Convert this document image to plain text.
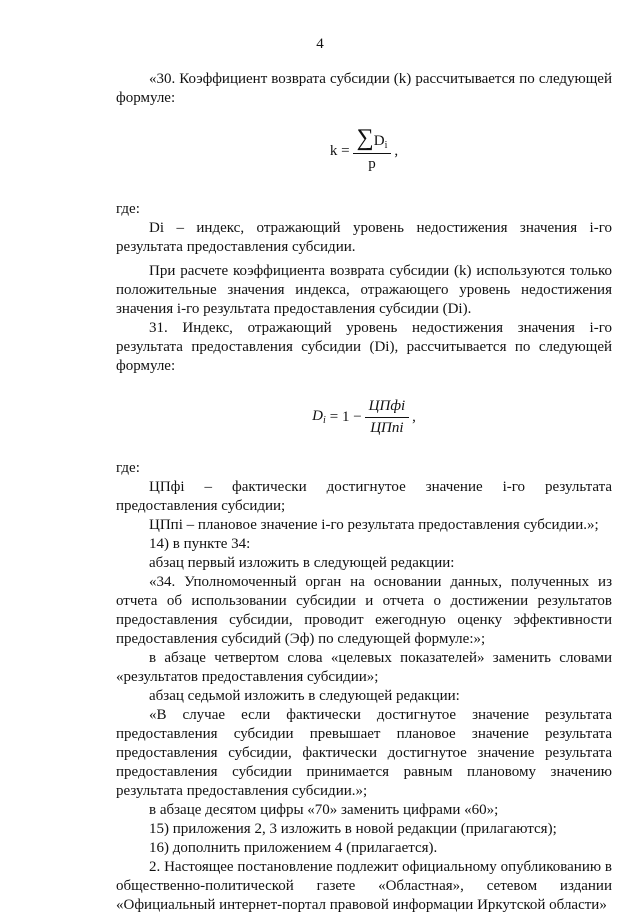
4

«30. Коэффициент возврата субсидии (k) рассчитывается по следующей формуле:

$k = \frac{\sum D_i}{p}$ ,

где:

Di – индекс, отражающий уровень недостижения значения i-го результата предоставления субсидии.

При расчете коэффициента возврата субсидии (k) используются только положительные значения индекса, отражающего уровень недостижения значения i-го результата предоставления субсидии (Di).

31. Индекс, отражающий уровень недостижения значения i-го результата предоставления субсидии (Di), рассчитывается по следующей формуле:

$D_i = 1 - \frac{\text{ЦПфi}}{\text{ЦПпi}}$ ,

где:

ЦПфi – фактически достигнутое значение i-го результата предоставления субсидии;

ЦПпi – плановое значение i-го результата предоставления субсидии.»;

14) в пункте 34:

абзац первый изложить в следующей редакции:

«34. Уполномоченный орган на основании данных, полученных из отчета об использовании субсидии и отчета о достижении результатов предоставления субсидии, проводит ежегодную оценку эффективности предоставления субсидий (Эф) по следующей формуле:»;

в абзаце четвертом слова «целевых показателей» заменить словами «результатов предоставления субсидии»;

абзац седьмой изложить в следующей редакции:

«В случае если фактически достигнутое значение результата предоставления субсидии превышает плановое значение результата предоставления субсидии, фактически достигнутое значение результата предоставления субсидии принимается равным плановому значению результата предоставления субсидии.»;

в абзаце десятом цифры «70» заменить цифрами «60»;

15) приложения 2, 3 изложить в новой редакции (прилагаются);

16) дополнить приложением 4 (прилагается).

2. Настоящее постановление подлежит официальному опубликованию в общественно-политической газете «Областная», сетевом издании «Официальный интернет-портал правовой информации Иркутской области»
